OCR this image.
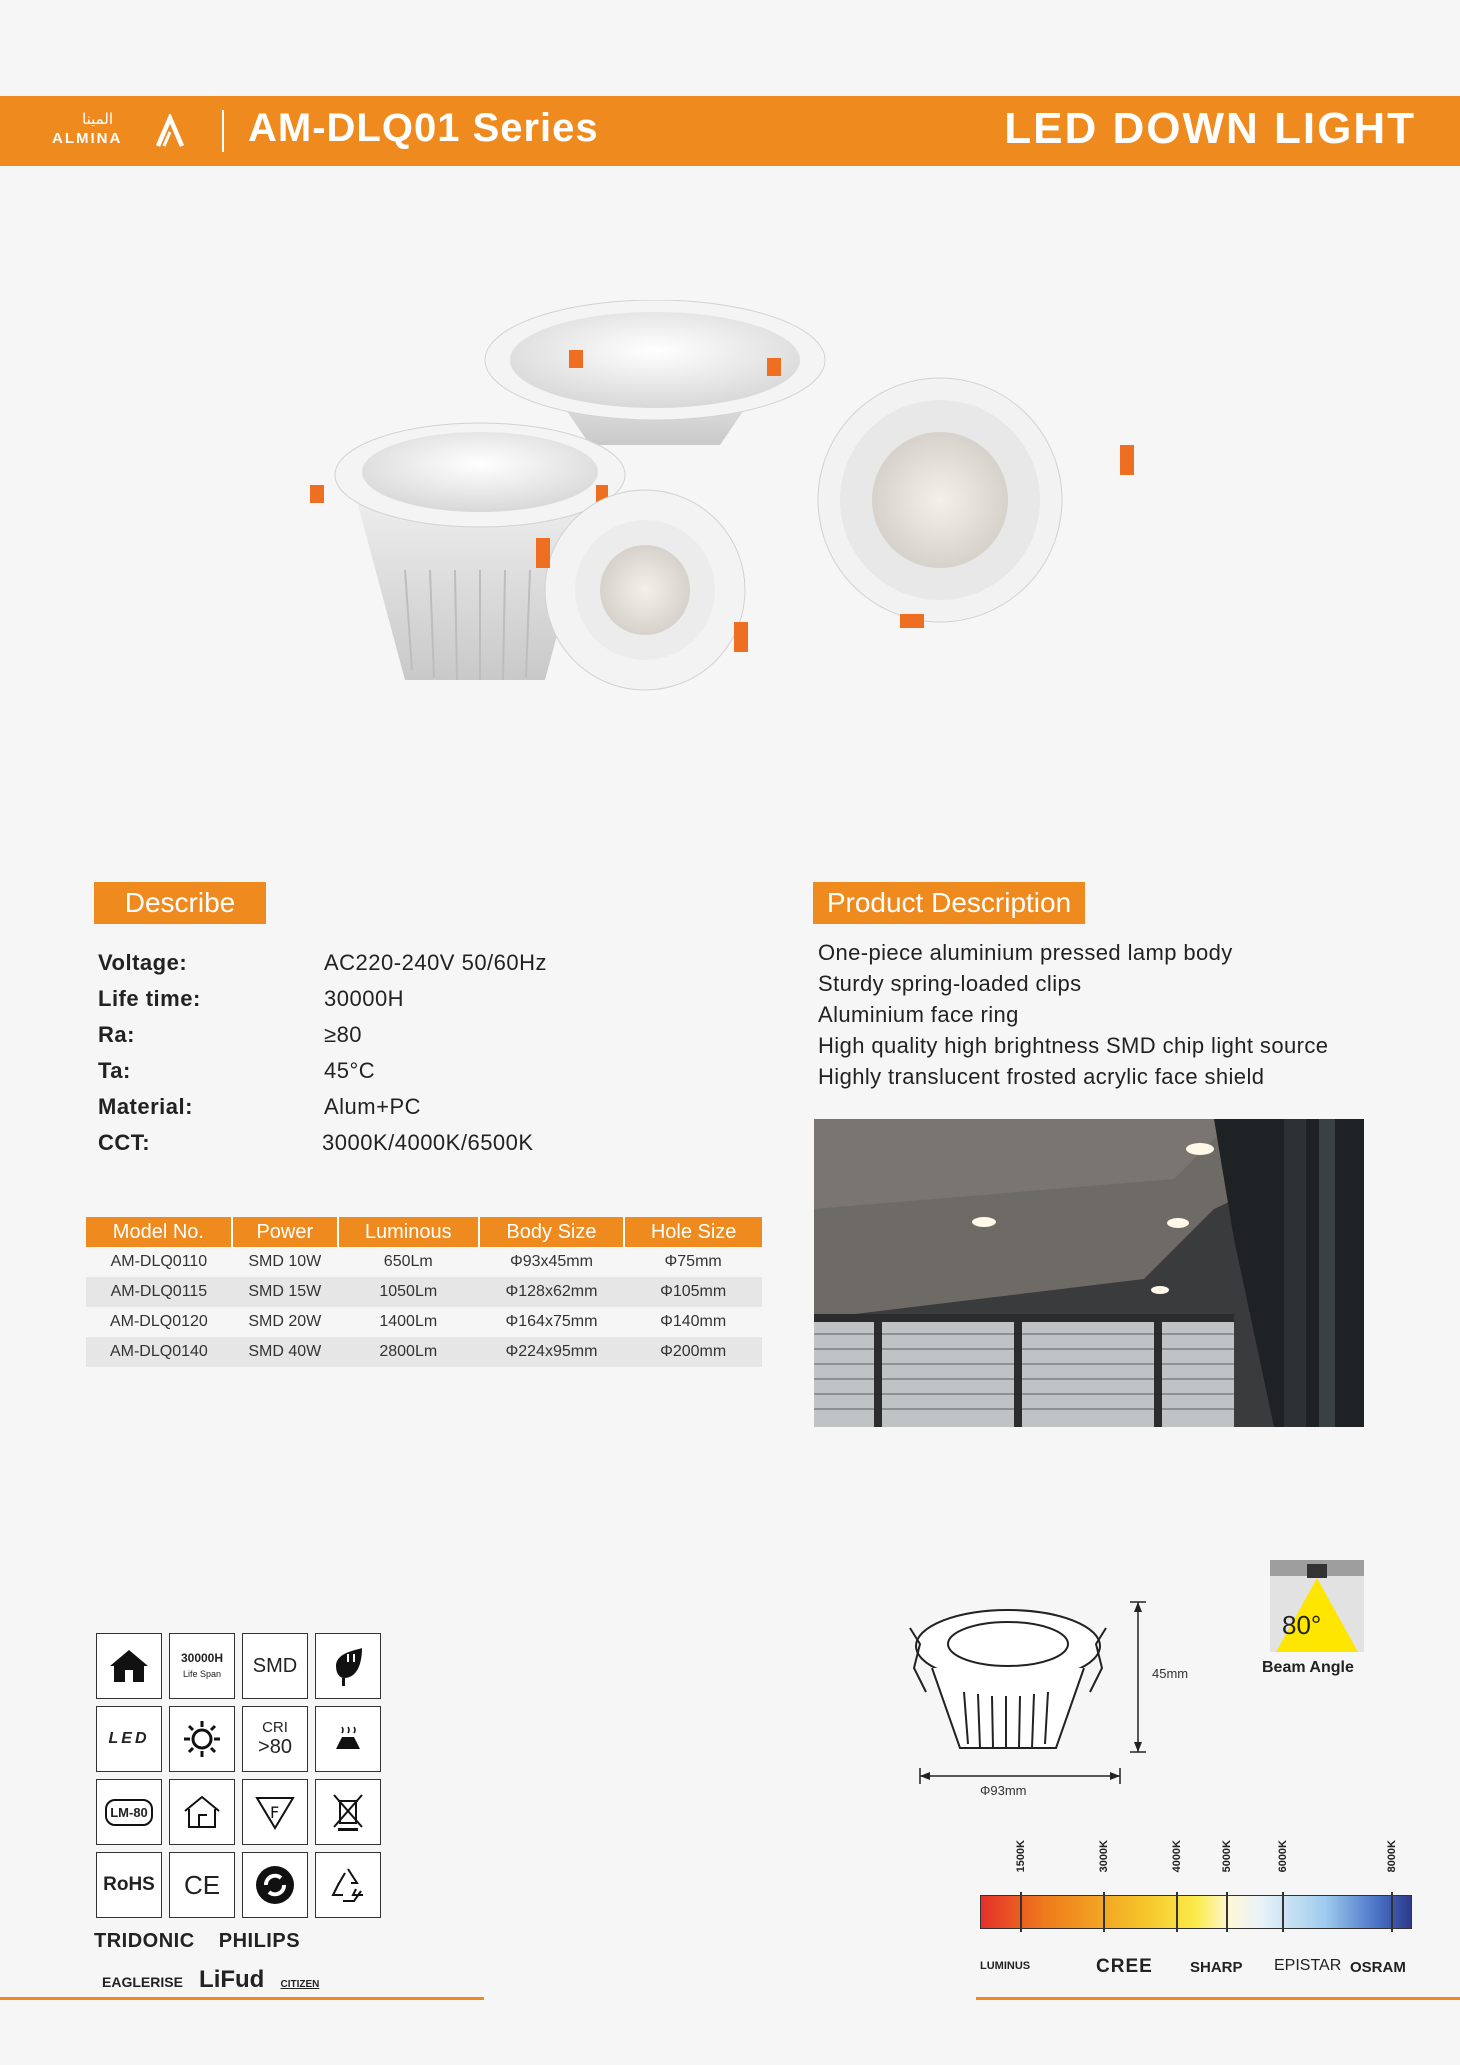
المينا
ALMINA	AM-DLQ01 Series	LED DOWN LIGHT
Describe
Voltage:	AC220-240V 50/60Hz
Life time:	30000H
Ra:	≥80
Ta:	45°C
Material:	Alum+PC
CCT:	3000K/4000K/6500K
Model No.	Power	Luminous	Body Size	Hole Size
AM-DLQ0110	SMD 10W	650Lm	Φ93x45mm	Φ75mm
AM-DLQ0115	SMD 15W	1050Lm	Φ128x62mm	Φ105mm
AM-DLQ0120	SMD 20W	1400Lm	Φ164x75mm	Φ140mm
AM-DLQ0140	SMD 40W	2800Lm	Φ224x95mm	Φ200mm
Product Description
One-piece aluminium pressed lamp body
Sturdy spring-loaded clips
Aluminium face ring
High quality high brightness SMD chip light source
Highly translucent frosted acrylic face shield
30000H
Life Span SMD
LED
CRI
>80
LM-80	F
RoHS CE
TRIDONIC PHILIPS
EAGLERISE LiFud CITIZEN
45mm
Φ93mm
80°
Beam Angle
1500K	3000K	4000K	5000K	6000K	8000K
LUMINUS	CREE SHARP EPISTAR OSRAM
